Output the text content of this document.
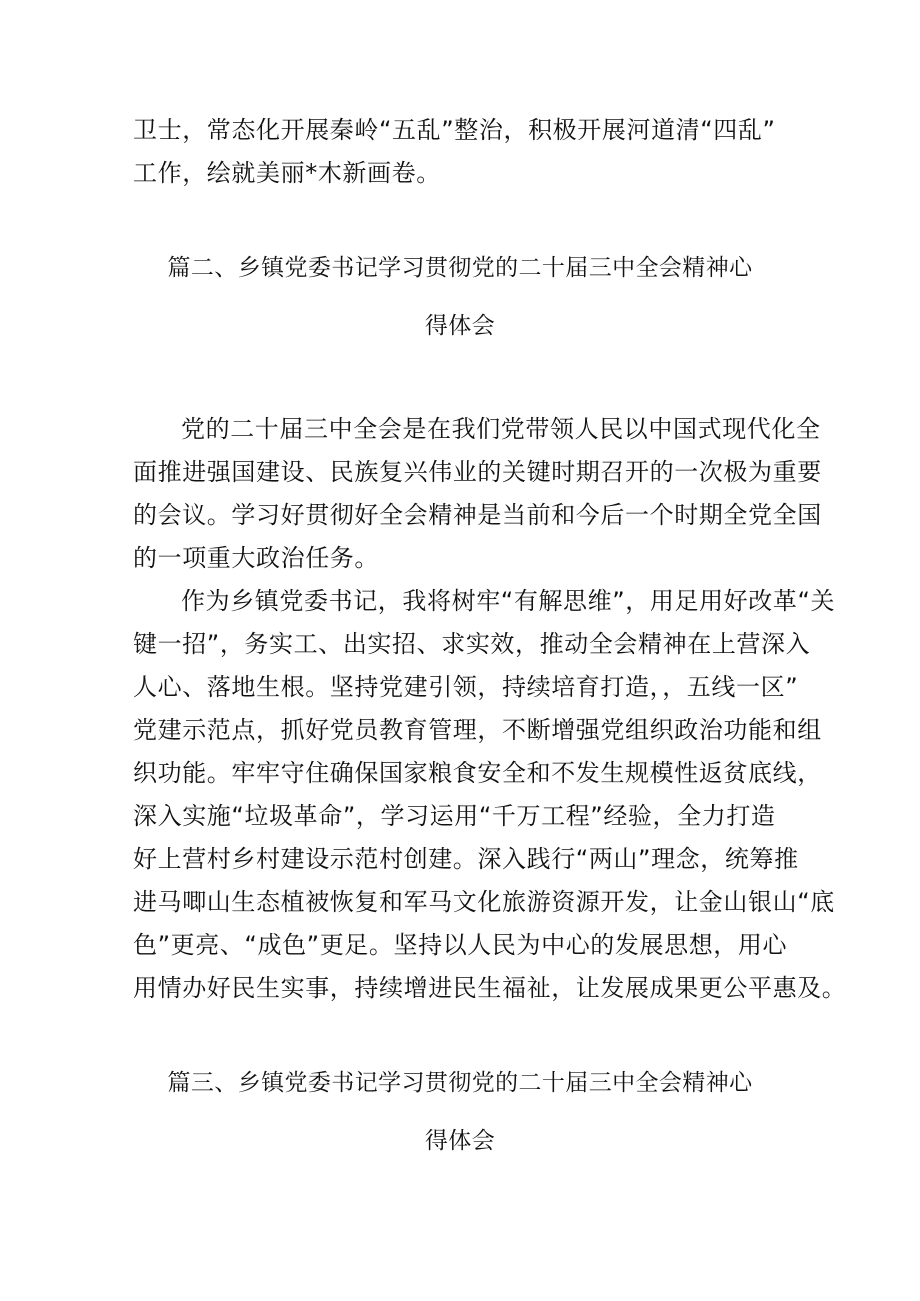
卫士，常态化开展秦岭“五乱”整治，积极开展河道清“四乱”
工作，绘就美丽*木新画卷。
篇二、乡镇党委书记学习贯彻党的二十届三中全会精神心
得体会
党的二十届三中全会是在我们党带领人民以中国式现代化全
面推进强国建设、民族复兴伟业的关键时期召开的一次极为重要
的会议。学习好贯彻好全会精神是当前和今后一个时期全党全国
的一项重大政治任务。
作为乡镇党委书记，我将树牢“有解思维”，用足用好改革“关
键一招”，务实工、出实招、求实效，推动全会精神在上营深入
人心、落地生根。坚持党建引领，持续培育打造，，五线一区”
党建示范点，抓好党员教育管理，不断增强党组织政治功能和组
织功能。牢牢守住确保国家粮食安全和不发生规模性返贫底线，
深入实施“垃圾革命”，学习运用“千万工程”经验，全力打造
好上营村乡村建设示范村创建。深入践行“两山”理念，统筹推
进马唧山生态植被恢复和军马文化旅游资源开发，让金山银山“底
色”更亮、“成色”更足。坚持以人民为中心的发展思想，用心
用情办好民生实事，持续增进民生福祉，让发展成果更公平惠及。
篇三、乡镇党委书记学习贯彻党的二十届三中全会精神心
得体会
